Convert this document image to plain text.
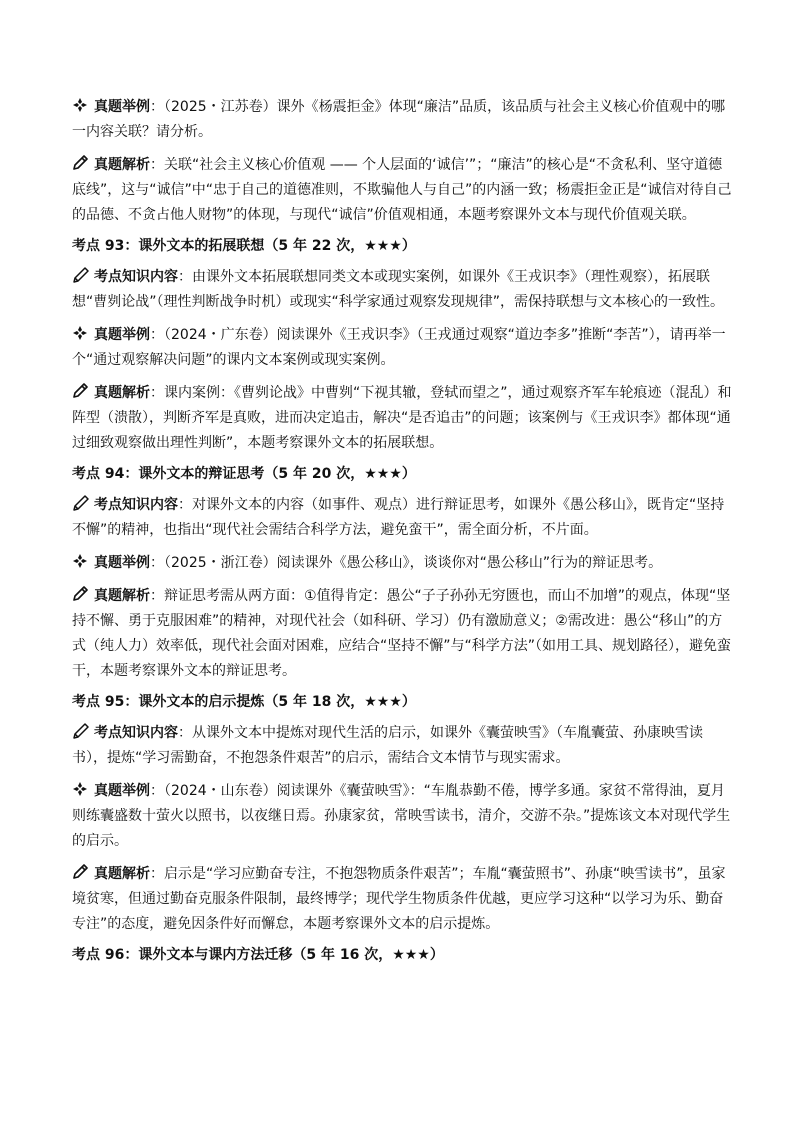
真题举例：（2025・江苏卷）课外《杨震拒金》体现“廉洁”品质，该品质与社会主义核心价值观中的哪一内容关联？请分析。

真题解析：关联“社会主义核心价值观 —— 个人层面的‘诚信’”；“廉洁”的核心是“不贪私利、坚守道德底线”，这与“诚信”中“忠于自己的道德准则，不欺骗他人与自己”的内涵一致；杨震拒金正是“诚信对待自己的品德、不贪占他人财物”的体现，与现代“诚信”价值观相通，本题考察课外文本与现代价值观关联。

考点 93：课外文本的拓展联想（5 年 22 次，★★★）

考点知识内容：由课外文本拓展联想同类文本或现实案例，如课外《王戎识李》（理性观察），拓展联想“曹刿论战”（理性判断战争时机）或现实“科学家通过观察发现规律”，需保持联想与文本核心的一致性。

真题举例：（2024・广东卷）阅读课外《王戎识李》（王戎通过观察“道边李多”推断“李苦”），请再举一个“通过观察解决问题”的课内文本案例或现实案例。

真题解析：课内案例：《曹刿论战》中曹刿“下视其辙，登轼而望之”，通过观察齐军车轮痕迹（混乱）和阵型（溃散），判断齐军是真败，进而决定追击，解决“是否追击”的问题；该案例与《王戎识李》都体现“通过细致观察做出理性判断”，本题考察课外文本的拓展联想。

考点 94：课外文本的辩证思考（5 年 20 次，★★★）

考点知识内容：对课外文本的内容（如事件、观点）进行辩证思考，如课外《愚公移山》，既肯定“坚持不懈”的精神，也指出“现代社会需结合科学方法，避免蛮干”，需全面分析，不片面。

真题举例：（2025・浙江卷）阅读课外《愚公移山》，谈谈你对“愚公移山”行为的辩证思考。

真题解析：辩证思考需从两方面：①值得肯定：愚公“子子孙孙无穷匮也，而山不加增”的观点，体现“坚持不懈、勇于克服困难”的精神，对现代社会（如科研、学习）仍有激励意义；②需改进：愚公“移山”的方式（纯人力）效率低，现代社会面对困难，应结合“坚持不懈”与“科学方法”（如用工具、规划路径），避免蛮干，本题考察课外文本的辩证思考。

考点 95：课外文本的启示提炼（5 年 18 次，★★★）

考点知识内容：从课外文本中提炼对现代生活的启示，如课外《囊萤映雪》（车胤囊萤、孙康映雪读书），提炼“学习需勤奋，不抱怨条件艰苦”的启示，需结合文本情节与现实需求。

真题举例：（2024・山东卷）阅读课外《囊萤映雪》：“车胤恭勤不倦，博学多通。家贫不常得油，夏月则练囊盛数十萤火以照书，以夜继日焉。孙康家贫，常映雪读书，清介，交游不杂。”提炼该文本对现代学生的启示。

真题解析：启示是“学习应勤奋专注，不抱怨物质条件艰苦”；车胤“囊萤照书”、孙康“映雪读书”，虽家境贫寒，但通过勤奋克服条件限制，最终博学；现代学生物质条件优越，更应学习这种“以学习为乐、勤奋专注”的态度，避免因条件好而懈怠，本题考察课外文本的启示提炼。

考点 96：课外文本与课内方法迁移（5 年 16 次，★★★）
